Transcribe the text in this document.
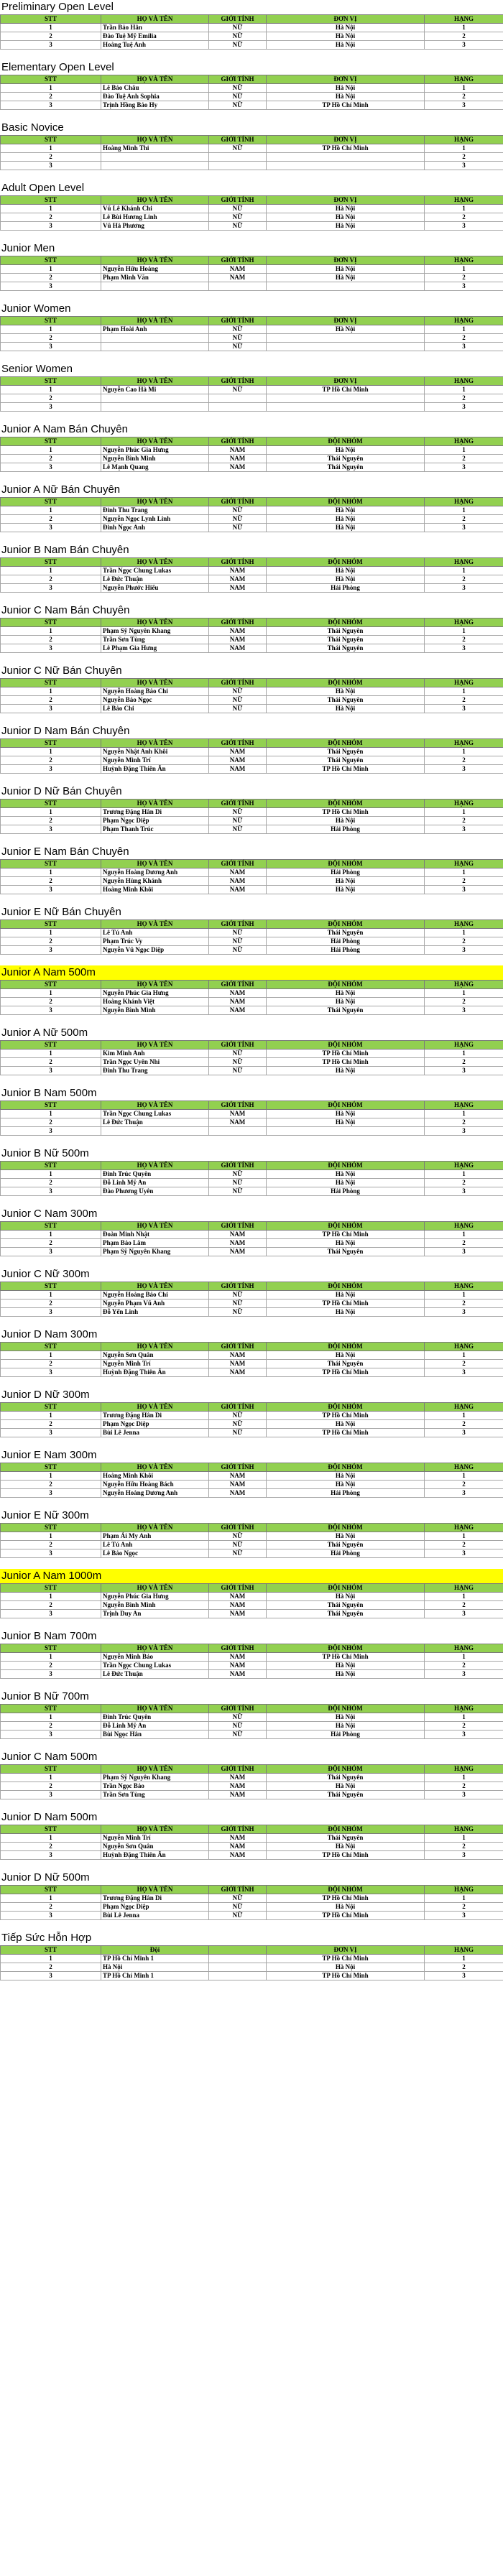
Preliminary Open Level
STT	HỌ VÀ TÊN	GIỚI TÍNH	ĐƠN VỊ	HẠNG
1	Trần Bảo Hân	NỮ	Hà Nội	1
2	Đào Tuệ Mỹ Emilia	NỮ	Hà Nội	2
3	Hoàng Tuệ Anh	NỮ	Hà Nội	3
Elementary Open Level
STT	HỌ VÀ TÊN	GIỚI TÍNH	ĐƠN VỊ	HẠNG
1	Lê Bảo Châu	NỮ	Hà Nội	1
2	Đào Tuệ Anh Sophia	NỮ	Hà Nội	2
3	Trịnh Hồng Bảo Hy	NỮ	TP Hồ Chí Minh	3
Basic Novice
STT	HỌ VÀ TÊN	GIỚI TÍNH	ĐƠN VỊ	HẠNG
1	Hoàng Minh Thi	NỮ	TP Hồ Chí Minh	1
2				2
3				3
Adult Open Level
STT	HỌ VÀ TÊN	GIỚI TÍNH	ĐƠN VỊ	HẠNG
1	Vũ Lê Khánh Chi	NỮ	Hà Nội	1
2	Lê Bùi Hương Linh	NỮ	Hà Nội	2
3	Vũ Hà Phương	NỮ	Hà Nội	3
Junior Men
STT	HỌ VÀ TÊN	GIỚI TÍNH	ĐƠN VỊ	HẠNG
1	Nguyễn Hữu Hoàng	NAM	Hà Nội	1
2	Phạm Minh Văn	NAM	Hà Nội	2
3				3
Junior Women
STT	HỌ VÀ TÊN	GIỚI TÍNH	ĐƠN VỊ	HẠNG
1	Phạm Hoài Anh	NỮ	Hà Nội	1
2		NỮ		2
3		NỮ		3
Senior Women
STT	HỌ VÀ TÊN	GIỚI TÍNH	ĐƠN VỊ	HẠNG
1	Nguyễn Cao Hà Mi	NỮ	TP Hồ Chí Minh	1
2				2
3				3
Junior A Nam Bán Chuyên
STT	HỌ VÀ TÊN	GIỚI TÍNH	ĐỘI NHÓM	HẠNG
1	Nguyễn Phúc Gia Hưng	NAM	Hà Nội	1
2	Nguyễn Bình Minh	NAM	Thái Nguyên	2
3	Lê Mạnh Quang	NAM	Thái Nguyên	3
Junior A Nữ Bán Chuyên
STT	HỌ VÀ TÊN	GIỚI TÍNH	ĐỘI NHÓM	HẠNG
1	Đinh Thu Trang	NỮ	Hà Nội	1
2	Nguyễn Ngọc Lynh Linh	NỮ	Hà Nội	2
3	Đinh Ngọc Anh	NỮ	Hà Nội	3
Junior B Nam Bán Chuyên
STT	HỌ VÀ TÊN	GIỚI TÍNH	ĐỘI NHÓM	HẠNG
1	Trần Ngọc Chung Lukas	NAM	Hà Nội	1
2	Lê Đức Thuận	NAM	Hà Nội	2
3	Nguyễn Phước Hiếu	NAM	Hải Phòng	3
Junior C Nam Bán Chuyên
STT	HỌ VÀ TÊN	GIỚI TÍNH	ĐỘI NHÓM	HẠNG
1	Phạm Sỹ Nguyên Khang	NAM	Thái Nguyên	1
2	Trần Sơn Tùng	NAM	Thái Nguyên	2
3	Lê Phạm Gia Hưng	NAM	Thái Nguyên	3
Junior C Nữ Bán Chuyên
STT	HỌ VÀ TÊN	GIỚI TÍNH	ĐỘI NHÓM	HẠNG
1	Nguyễn Hoàng Bảo Chi	NỮ	Hà Nội	1
2	Nguyễn Bảo Ngọc	NỮ	Thái Nguyên	2
3	Lê Bảo Chi	NỮ	Hà Nội	3
Junior D Nam Bán Chuyên
STT	HỌ VÀ TÊN	GIỚI TÍNH	ĐỘI NHÓM	HẠNG
1	Nguyễn Nhật Anh Khôi	NAM	Thái Nguyên	1
2	Nguyễn Minh Trí	NAM	Thái Nguyên	2
3	Huỳnh Đặng Thiên Ân	NAM	TP Hồ Chí Minh	3
Junior D Nữ Bán Chuyên
STT	HỌ VÀ TÊN	GIỚI TÍNH	ĐỘI NHÓM	HẠNG
1	Trương Đặng Hân Di	NỮ	TP Hồ Chí Minh	1
2	Phạm Ngọc Diệp	NỮ	Hà Nội	2
3	Phạm Thanh Trúc	NỮ	Hải Phòng	3
Junior E Nam Bán Chuyên
STT	HỌ VÀ TÊN	GIỚI TÍNH	ĐỘI NHÓM	HẠNG
1	Nguyễn Hoàng Dương Anh	NAM	Hải Phòng	1
2	Nguyễn Hùng Khánh	NAM	Hà Nội	2
3	Hoàng Minh Khôi	NAM	Hà Nội	3
Junior E Nữ Bán Chuyên
STT	HỌ VÀ TÊN	GIỚI TÍNH	ĐỘI NHÓM	HẠNG
1	Lê Tú Anh	NỮ	Thái Nguyên	1
2	Phạm Trúc Vy	NỮ	Hải Phòng	2
3	Nguyễn Vũ Ngọc Diệp	NỮ	Hải Phòng	3
Junior A Nam 500m
STT	HỌ VÀ TÊN	GIỚI TÍNH	ĐỘI NHÓM	HẠNG
1	Nguyễn Phúc Gia Hưng	NAM	Hà Nội	1
2	Hoàng Khánh Việt	NAM	Hà Nội	2
3	Nguyễn Bình Minh	NAM	Thái Nguyên	3
Junior A Nữ 500m
STT	HỌ VÀ TÊN	GIỚI TÍNH	ĐỘI NHÓM	HẠNG
1	Kim Minh Anh	NỮ	TP Hồ Chí Minh	1
2	Trần Ngọc Uyên Nhi	NỮ	TP Hồ Chí Minh	2
3	Đinh Thu Trang	NỮ	Hà Nội	3
Junior B Nam 500m
STT	HỌ VÀ TÊN	GIỚI TÍNH	ĐỘI NHÓM	HẠNG
1	Trần Ngọc Chung Lukas	NAM	Hà Nội	1
2	Lê Đức Thuận	NAM	Hà Nội	2
3				3
Junior B Nữ 500m
STT	HỌ VÀ TÊN	GIỚI TÍNH	ĐỘI NHÓM	HẠNG
1	Đinh Trúc Quyên	NỮ	Hà Nội	1
2	Đỗ Linh Mỹ An	NỮ	Hà Nội	2
3	Đào Phương Uyên	NỮ	Hải Phòng	3
Junior C Nam 300m
STT	HỌ VÀ TÊN	GIỚI TÍNH	ĐỘI NHÓM	HẠNG
1	Đoàn Minh Nhật	NAM	TP Hồ Chí Minh	1
2	Phạm Bảo Lâm	NAM	Hà Nội	2
3	Phạm Sỹ Nguyên Khang	NAM	Thái Nguyên	3
Junior C Nữ 300m
STT	HỌ VÀ TÊN	GIỚI TÍNH	ĐỘI NHÓM	HẠNG
1	Nguyễn Hoàng Bảo Chi	NỮ	Hà Nội	1
2	Nguyễn Phạm Vũ Anh	NỮ	TP Hồ Chí Minh	2
3	Đỗ Yến Linh	NỮ	Hà Nội	3
Junior D Nam 300m
STT	HỌ VÀ TÊN	GIỚI TÍNH	ĐỘI NHÓM	HẠNG
1	Nguyễn Sơn Quân	NAM	Hà Nội	1
2	Nguyễn Minh Trí	NAM	Thái Nguyên	2
3	Huỳnh Đặng Thiên Ân	NAM	TP Hồ Chí Minh	3
Junior D Nữ 300m
STT	HỌ VÀ TÊN	GIỚI TÍNH	ĐỘI NHÓM	HẠNG
1	Trương Đặng Hân Di	NỮ	TP Hồ Chí Minh	1
2	Phạm Ngọc Diệp	NỮ	Hà Nội	2
3	Bùi Lê Jenna	NỮ	TP Hồ Chí Minh	3
Junior E Nam 300m
STT	HỌ VÀ TÊN	GIỚI TÍNH	ĐỘI NHÓM	HẠNG
1	Hoàng Minh Khôi	NAM	Hà Nội	1
2	Nguyễn Hữu Hoàng Bách	NAM	Hà Nội	2
3	Nguyễn Hoàng Dương Anh	NAM	Hải Phòng	3
Junior E Nữ 300m
STT	HỌ VÀ TÊN	GIỚI TÍNH	ĐỘI NHÓM	HẠNG
1	Phạm Ái My Anh	NỮ	Hà Nội	1
2	Lê Tú Anh	NỮ	Thái Nguyên	2
3	Lê Bảo Ngọc	NỮ	Hải Phòng	3
Junior A Nam 1000m
STT	HỌ VÀ TÊN	GIỚI TÍNH	ĐỘI NHÓM	HẠNG
1	Nguyễn Phúc Gia Hưng	NAM	Hà Nội	1
2	Nguyễn Bình Minh	NAM	Thái Nguyên	2
3	Trịnh Duy An	NAM	Thái Nguyên	3
Junior B Nam 700m
STT	HỌ VÀ TÊN	GIỚI TÍNH	ĐỘI NHÓM	HẠNG
1	Nguyễn Minh Bảo	NAM	TP Hồ Chí Minh	1
2	Trần Ngọc Chung Lukas	NAM	Hà Nội	2
3	Lê Đức Thuận	NAM	Hà Nội	3
Junior B Nữ 700m
STT	HỌ VÀ TÊN	GIỚI TÍNH	ĐỘI NHÓM	HẠNG
1	Đinh Trúc Quyên	NỮ	Hà Nội	1
2	Đỗ Linh Mỹ An	NỮ	Hà Nội	2
3	Bùi Ngọc Hân	NỮ	Hải Phòng	3
Junior C Nam 500m
STT	HỌ VÀ TÊN	GIỚI TÍNH	ĐỘI NHÓM	HẠNG
1	Phạm Sỹ Nguyên Khang	NAM	Thái Nguyên	1
2	Trần Ngọc Bảo	NAM	Hà Nội	2
3	Trần Sơn Tùng	NAM	Thái Nguyên	3
Junior D Nam 500m
STT	HỌ VÀ TÊN	GIỚI TÍNH	ĐỘI NHÓM	HẠNG
1	Nguyễn Minh Trí	NAM	Thái Nguyên	1
2	Nguyễn Sơn Quân	NAM	Hà Nội	2
3	Huỳnh Đặng Thiên Ân	NAM	TP Hồ Chí Minh	3
Junior D Nữ 500m
STT	HỌ VÀ TÊN	GIỚI TÍNH	ĐỘI NHÓM	HẠNG
1	Trương Đặng Hân Di	NỮ	TP Hồ Chí Minh	1
2	Phạm Ngọc Diệp	NỮ	Hà Nội	2
3	Bùi Lê Jenna	NỮ	TP Hồ Chí Minh	3
Tiếp Sức Hỗn Hợp
STT	Đội		ĐƠN VỊ	HẠNG
1	TP Hồ Chí Minh 1		TP Hồ Chí Minh	1
2	Hà Nội		Hà Nội	2
3	TP Hồ Chí Minh 1		TP Hồ Chí Minh	3
